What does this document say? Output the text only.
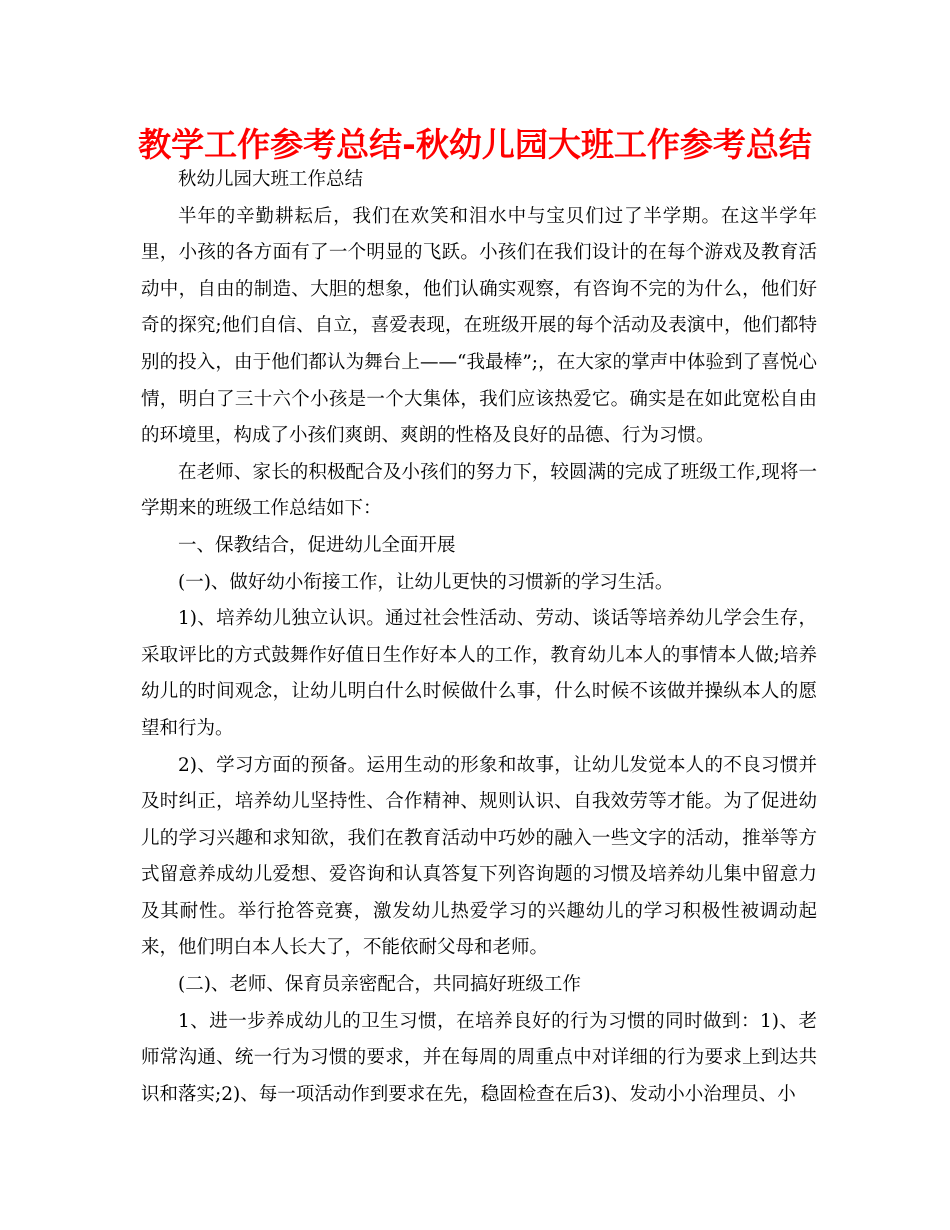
教学工作参考总结-秋幼儿园大班工作参考总结

秋幼儿园大班工作总结

半年的辛勤耕耘后，我们在欢笑和泪水中与宝贝们过了半学期。在这半学年里，小孩的各方面有了一个明显的飞跃。小孩们在我们设计的在每个游戏及教育活动中，自由的制造、大胆的想象，他们认确实观察，有咨询不完的为什么，他们好奇的探究;他们自信、自立，喜爱表现，在班级开展的每个活动及表演中，他们都特别的投入，由于他们都认为舞台上——“我最棒”;，在大家的掌声中体验到了喜悦心情，明白了三十六个小孩是一个大集体，我们应该热爱它。确实是在如此宽松自由的环境里，构成了小孩们爽朗、爽朗的性格及良好的品德、行为习惯。

在老师、家长的积极配合及小孩们的努力下，较圆满的完成了班级工作,现将一学期来的班级工作总结如下：

一、保教结合，促进幼儿全面开展

(一)、做好幼小衔接工作，让幼儿更快的习惯新的学习生活。

1)、培养幼儿独立认识。通过社会性活动、劳动、谈话等培养幼儿学会生存，采取评比的方式鼓舞作好值日生作好本人的工作，教育幼儿本人的事情本人做;培养幼儿的时间观念，让幼儿明白什么时候做什么事，什么时候不该做并操纵本人的愿望和行为。

2)、学习方面的预备。运用生动的形象和故事，让幼儿发觉本人的不良习惯并及时纠正，培养幼儿坚持性、合作精神、规则认识、自我效劳等才能。为了促进幼儿的学习兴趣和求知欲，我们在教育活动中巧妙的融入一些文字的活动，推举等方式留意养成幼儿爱想、爱咨询和认真答复下列咨询题的习惯及培养幼儿集中留意力及其耐性。举行抢答竞赛，激发幼儿热爱学习的兴趣幼儿的学习积极性被调动起来，他们明白本人长大了，不能依耐父母和老师。

(二)、老师、保育员亲密配合，共同搞好班级工作

1、进一步养成幼儿的卫生习惯，在培养良好的行为习惯的同时做到：1)、老师常沟通、统一行为习惯的要求，并在每周的周重点中对详细的行为要求上到达共识和落实;2)、每一项活动作到要求在先，稳固检查在后3)、发动小小治理员、小
